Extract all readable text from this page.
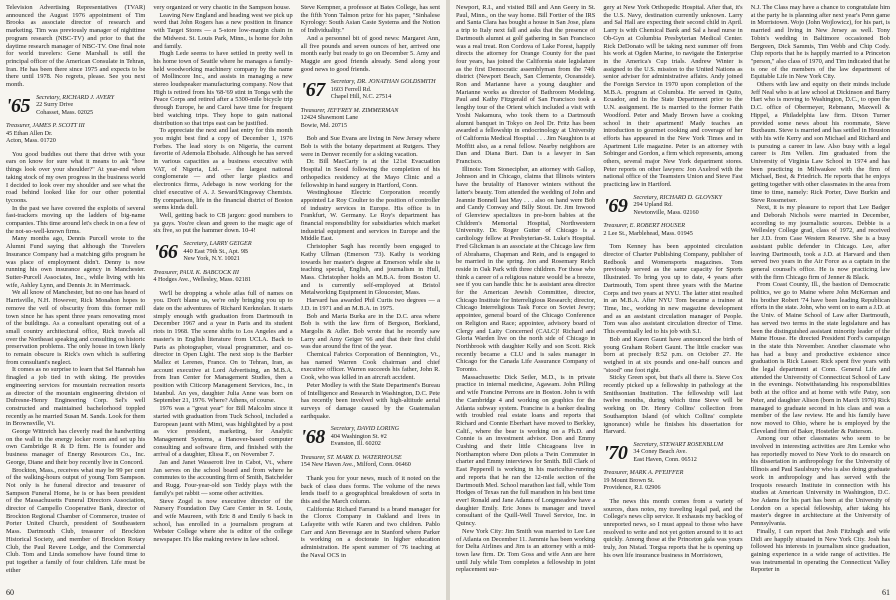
Television Advertising Representatives (TVAR) announced the August 1976 appointment of Tim Brooks as associate director of research and marketing. Tim was previously manager of nighttime program research (NBC-TV) and prior to that the daytime research manager of NBC-TV. One final note for world travelers: Gene Marshall is still the principal officer of the American Consulate in Tehran, Iran. He has been there since 1975 and expects to be there until 1978. No regrets, please. See you next month.

'65 Secretary, RICHARD J. AVERY
22 Surry Drive
Cohasset, Mass. 02025
Treasurer, JAMES P. SCOTT III
45 Ethan Allen Dr.
Acton, Mass. 01720

You good buddies out there that drive with your ears on know for sure what it means to ask "how things look over your shoulder?" At year-end when taking stock of my own progress in the business world I decided to look over my shoulder and see what the road behind looked like for our other potential tycoons.

In the past we have covered the exploits of several fast-trackers moving up the ladders of big-name companies. This time around let's check in on a few of the not-so-well-known firms.

Many months ago, Dennis Purcell wrote to the Alumni Fund saying that although the Travelers Insurance Company had a matching gifts program he was place of employment didn't. Denny is now running his own insurance agency in Manchester. Sutter-Purcell Associates, Inc., while living with his wife, Ashley Lynn, and Dennis Jr. in Merrimack.

We all know of Manchester, but no one has heard of Harrisville, N.H. However, Rick Monahon hopes to remove the veil of obscurity from this former mill town since he has spent three years renovating most of the buildings. As a consultant operating out of a small country architectural office, Rick travels all over the Northeast speaking and consulting on historic preservation problems. The only house in town likely to remain obscure is Rick's own which is suffering from consultant's neglect.

It comes as no surprise to learn that Sel Hannah has finagled a job tied in with skiing. He provides engineering services for mountain recreation resorts as director of the mountain engineering division of Dufresne-Henry Engineering Corp. Sel's well constructed and maintained bachelorhood toppled recently as he married Susan M. Sands. Look for them in Brownsville, Vt.

George Wittreich has cleverly read the handwriting on the wall in the energy locker room and set up his own Cambridge R & D firm. He is founder and business manager of Energy Resources Co., Inc. George, Diane and their boy recently live in Concord.

Brockton, Mass., receives what may be 99 per cent of the walking-hours output of young Tom Sampson. Not only is he funeral director and treasurer of Sampson Funeral Home, he is or has been president of the Massachusetts Funeral Directors Association, director of Campello Cooperative Bank, director of Brockton Regional Chamber of Commerce, trustee of Porter United Church, president of Southeastern Mass. Dartmouth Club, treasurer of Brockton Historical Society, and member of Brockton Rotary Club, the Paul Revere Lodge, and the Commercial Club. Tom and Linda somehow have found time to put together a family of four children. Life must be either

very organized or very chaotic in the Sampson house.

Leaving New England and heading west we pick up word that John Rogers has a new position in finance with Target Stores — a 5-store low-margin chain in the Midwest. St. Louis Park, Minn., is home for John and family.

Hugh Lede seems to have settled in pretty well in his home town of Seattle where he manages a family-held woodworking machinery company by the name of Mollincore Inc., and assists in managing a new stereo loudspeaker manufacturing company. Now that High is retired from his '68-'69 stint in Tonga with the Peace Corps and retired after a 5300-mile bicycle trip through Europe, he and Carol have time for frequent bird watching trips. They hope to gain national distribution so that trips east can be justified.

To appreciate the next and last entry for this month you might best find a copy of December 1, 1976 Forbes. The lead story is on Nigeria, the current favorite of Ademola Ebobade. Although he has served in various capacities as a business executive with VAT, of Nigeria, Ltd. — the largest national conglomerate — and other large plastics and electronics firms, Adebago is now working for the chief executive of A. J. Seward/Kingsway Chemists. By comparison, life in the financial district of Boston seems kinda dull.

Well, getting back to CB jargon: good numbers to ya guys. You're clean and green to the magic age of six five, so put the hammer down. 10-4!

'66 Secretary, LARRY GEIGER
440 East 79th St., Apt. 9B
New York, N.Y. 10021
Treasurer, PAUL K. BABCOCK III
4 Hodges Ave., Wellesley, Mass. 02181

We'll be dropping a whole atlas full of names on you. Don't blame us, we're only bringing you up to date on the adventures of Richard Kerknolan. It starts simply enough with graduation from Dartmouth in December 1967 and a year in Paris and its student riots in 1968. The scene shifts to Los Angeles and a master's in English literature from UCLA. Back to Paris as photographer, visual programmer, and co-director in Open Light. The next stop is the Barbier Mallez et Lerenes, France. On to Tehran, Iran, as account executive at Lord Advertising, an M.B.A. from Iran Center for Management Studies, then a position with Citicorp Management Services, Inc., in Istanbul. An yes, daughter Julia Anne was born on September 21, 1976. Where? Athens, of course.

1976 was a "great year" for Bill Malcolm since it started with graduation from Tuck School, included a European jaunt with Mimi, was highlighted by a post as vice president, marketing, for Analytic Management Systems, a Hanover-based computer consulting and software firm, and finished with the arrival of a daughter, Elissa F., on November 7.

Jan and Janet Wasserott live in Cabot, Vt., where Jan serves on the school board and from where he commutes to the accounting firm of Smith, Batchelder and Rugg. Four-year-old son Teddy plays with the family's pet rabbit — some other activities.

Steve Zogel is now executive director of the Nursery Foundation Day Care Center in St. Louis, and wife Maureen, with Eric 8 and Emily 6 back in school, has enrolled in a journalism program at Webster College where she is editor of the college newspaper. It's like making review in law school.

Steve Kempner, a professor at Bates College, has sent the fifth Yonn Talmon prize for his paper, "Sinhalese Kyrology: South Asian Caste Systems and the Notion of Individuality."

And a personnel bit of good news: Margaret Ann, all five pounds and seven ounces of her, arrived one month early but ready to go on December 5. Amy and Maggie are good friends already. Send along your good news to good friends.

'67 Secretary, DR. JONATHAN GOLDSMITH
1603 Ferrell Rd.
Chapel Hill, N.C. 27514
Treasurer, JEFFREY M. ZIMMERMAN
12424 Shawmont Lane
Bowie, Md. 20715

Bob and Sue Evans are living in New Jersey where Bob is with the botany department at Rutgers. They were in Denver recently for a skiing vacation.

Dr. Bill MacCarty is at the 121st Evacuation Hospital in Seoul following the completion of his orthopedics residency at the Mayo Clinic and a fellowship in hand surgery in Hartford, Conn.

Westinghouse Electric Corporation recently appointed Le Roy Coulter to the position of controller of industry services in Europe. His office is in Frankfurt, W. Germany. Le Roy's department has financial responsibility for subsidiaries which market industrial equipment and services in Europe and the Middle East.

Christopher Sagh has recently been engaged to Kathy Ullman (Emerson '73). Kathy is working towards her master's degree at Emerson while she is teaching special, English, and journalism in Hull, Mass. Christopher holds an M.B.A. from Boston U. and is currently self-employed at Bristol Metalworking Equipment in Gloucester, Mass.

Harvard has awarded Phil Curtis two degrees — a J.D. in 1971 and an M.B.A. in 1975.

Bob and Maria Burka are in the D.C. area where Bob is with the law firm of Bergson, Borkland, Margolis & Adler. Bob wrote that he recently saw Larry and Amy Geiger '66 and that their first child was due around the first of the year.

Chemical Fabrics Corporation of Bennington, Vt., has named Warren Cook chairman and chief executive officer. Warren succeeds his father, John R. Cook, who was killed in an aircraft accident.

Peter Modley is with the State Department's Bureau of Intelligence and Research in Washington, D.C. Pete has recently been involved with high-altitude aerial surveys of damage caused by the Guatemalan earthquake.

'68 Secretary, DAVID LORING
404 Washington St. #2
Evanston, Ill. 60202
Treasurer, ST. MARK D. WATERHOUSE
154 New Haven Ave., Milford, Conn. 06460

Thank you for your news, much of it noted on the back of class dues forms. The volume of the news lends itself to a geographical breakdown of sorts in this and the March column.

California: Richard Farrand is a brand manager for the Clorox Company in Oakland and lives in Lafayette with wife Karen and two children. Pablo Carr and Ann Beverage are in Stanford where Parker is working on a doctorate in higher education administration. He spent summer of '76 teaching at the Naval OCS in

60

Newport, R.I., and visited Bill and Ann Geery in St. Paul, Minn., on the way home. Bill Fortier of the IRS and Santa Clara has bought a house in San Jose, plans a trip to Italy next fall and asks that the presence of Dartmouth alumni at golf gathering in San Francisco was a real treat. Ron Cordova of Lake Forest, happily directs the attorney for Orange County for the past four years, has joined the California state legislature as the first Democratic assemblyman from the 74th district (Newport Beach, San Clemente, Oceanside). Ron and Marianne have a young daughter and Marianne works as director of Bathroom Modeling. Paul and Kathy Fitzgerald of San Francisco took a lengthy tour of the Orient which included a visit with Yoshi Nakamura, who took them to a Dartmouth alumni banquet in Tokyo on Jeol Dr. Fritz has been awarded a fellowship in endocrinology at University of California Medical Hospital . . . Jim Naughton is at Moffitt also, as a renal fellow. Nearby neighbors are Dan and Diana Burt. Dan is a lawyer in San Francisco.

Illinois: Tom Stonecipher, an attorney with Gallop, Johnson and in Chicago, claims that Illinois winters have the brutality of Hanover winters without the latter's beauty. Tom attended the wedding of John and Jeannie Bonnell last May . . . also on hand were Bob and Candy Conway and Billy Stout. Dr. Jim Inwood of Glenview specializes in pre-born babies at the Children's Memorial Hospital, Northwestern University. Dr. Roger Gutter of Chicago is a cardiology fellow at Presbyterian-St. Luke's Hospital. Fred Glickman is an associate at the Chicago law firm of Abrahams, Chapman and Rein, and is engaged to be married in the spring. Jon and Rosemary Reich reside in Oak Park with three children. For those who think a career of a religious nature would be a breeze, see if you can handle this: he is assistant area director for the American Jewish Committee, director, Chicago Institute for Interreligious Research; director, Chicago Interreligious Task Force on Soviet Jewry; appointee, general board of the Chicago Conference on Religion and Race; appointee, advisory board of Clergy and Laity Concerned (CALC)! Richard and Gloria Warden live on the north side of Chicago in Northbrook with daughter Kelly and son Scott. Rick recently became a CLU and is sales manager in Chicago for the Canada Life Assurance Company of Toronto.

Massachusetts: Dick Seiler, M.D., is in private practice in internal medicine, Agawam. John Pilling and wife Francine Perrons are in Boston. John is with the Cambridge 4 and working on graphics for the Atlanta subway system. Francine is a banker dealing with troubled real estate loans and reports that Richard and Connie Eberhart have moved to Berkley, Calif., where the bear is working on a Ph.D. and Connie is an investment advisor. Don and Emmy Cushing and their little Chicagoans live in Northampton where Don pilots a Twin Commuter in charter and Emmy interviews for Smith. Bill Clark of East Pepperell is working in his maricultur-running and reports that he ran the 12-mile section of the Dartmouth Med. School marathon last fall, while Tom Hodges of Texas ran the full marathon in his best time ever! Ronald and Jane Adams of Longmeadow have a daughter Emily. Eric Jones is manager and travel consultant of the Quill-Well Travel Service, Inc. in Quincy.

New York City: Jim Smith was married to Lee Lee of Atlanta on December 11. Jammie has been working for Delta Airlines and Jim is an attorney with a mid-town law firm. Dr. Tom Goss and wife Ann are here until July while Tom completes a fellowship in joint replacement sur-

gery at New York Orthopedic Hospital. After that, it's the U.S. Navy, destination currently unknown. Larry and Sal Hall are expecting their second child in April. Larry is with Chemical Bank and Sal a head nurse in Ob-Gyn at Columbia Presbyterian Medical Center. Rick DeDonato will be taking next summer off from his work at Ogden Marine, to navigate the Enterprise in the America's Cup trials. Andrew Winter is assigned to the U.S. mission to the United Nations as senior adviser for administrative affairs. Andy joined the Foreign Service in 1970 upon completion of the M.B.A. program at Columbia. He served in Quito, Ecuador, and in the State Department prior to the U.N. assignment. He is married to the former Faith Woodford. Peter and Mady Brown have a cooking school in their apartment! Mady teaches an introduction to gourmet cooking and coverage of her efforts has appeared in the New York Times and in Apartment Life magazine. Peter is an attorney with Sobinger and Gordon, a firm which represents, among others, several major New York department stores. Peter reports on other lawyers: Jon Axelrod with the national office of the Teamsters Union and Steve Fast practicing law in Hartford.

'69 Secretary, RICHARD D. GLOVSKY
294 Upland Rd.
Newtonville, Mass. 02160
Treasurer, E. ROBERT HOUSER
2 Lee St., Marblehead, Mass. 01945

Tom Kenney has been appointed circulation director of Charter Publishing Company, publisher of Redbook and Womensports magazines. Tom previously served as the same capacity for Sports Illustrated. To bring you up to date, 4 years after Dartmouth, Tom spent three years with the Marine Corps and two years at NYU. The latter stint resulted in an M.B.A. After NYU Tom became a trainee at Time, Inc., working in new magazine development and as an assistant circulation manager of People. Tom was also assistant circulation director of Time. This eventually led to his job with S.I.

Bob and Karen Gaunt have announced the birth of young Graham Robert Gaunt. The little cracker was born at precisely 8:52 p.m. on October 27. He weighed in at six pounds and one-half ounces and "stood" one foot right.

Sticky Green spot, but that's all there is. Steve Cox recently picked up a fellowship in pathology at the Smithsonian Institution. The fellowship will last twelve months, during which time Steve will be working on Dr. Henry Collins' collection from Southampton Island (of which Collins' complete ignorance) while he finishes his dissertation for Harvard.

'70 Secretary, STEWART ROSENBLUM
34 Coney Beach Ave.
East Haven, Conn. 06512
Treasurer, MARK A. PFEIFFER
19 Mount Brown St.
Providence, R.I. 02906

The news this month comes from a variety of sources, dues notes, my traveling legal pad, and the College's news clip service. It exhausts my backlog of unreported news, so I must appeal to those who have resolved to write and not yet gotten around to it to act quickly. Among those at the Princeton gala was yours truly, Jon Nistad. Torgsa reports that he is opening up his own life insurance business in Morristown,

N.J. The Class may have a chance to congratulate him at the party he is planning after next year's Penn game in Morristown. Wojo (John Wojlowicz), for his part, is married and living in New Jersey as well. Tony Tobin's wedding in Baltimore occasioned Bob Bergreen, Dick Sammis, Tim Webb and Chip Cody. Chip reports that he is happily married to a Princeton "person," also class of 1970, and Tim indicated that he is one of the members of the law department of Equitable Life in New York City.

Others with law and equity on their minds include Jeff Neal who is at law school at Dickinson and Barry Hart who is moving to Washington, D.C., to open the D.C. office of Obermeyer, Rebmann, Maxwell & Hippel, a Philadelphia law firm. Dixon Turner provided some news about his roommate, Steve Buxbaum. Steve is married and has settled in Houston with his wife Kerry and son Michael and Richard and is pursuing a career in law. Also busy with a legal career is Jim Vellen. Jim graduated from the University of Virginia Law School in 1974 and has been practicing in Milwaukee with the firm of Michael, Best, & Friedrich. He reports that he enjoys getting together with other classmates in the area from time to time, namely: Rick Porter, Dave Burkin and Steve Rossmeiser.

Next, it is my pleasure to report that Lee Badger and Deborah Nichols were married in December, according to my journalistic sources. Debbie is a Wellesley College grad, class of 1972, and received her J.D. from Case Western Reserve. She is a busy assistant public defender in Chicago. Lee, after leaving Dartmouth, took a J.D. at Harvard and then served two years in the Air Force as a captain in the general counsel's office. He is now practicing law with the firm Chicago firm of Jenner & Black.

From Coast County, Ill., the bastion of Democratic politics, we go to Maine where John McKernan and his brother Robert '74 have been leading Republican efforts in the state. John, who went on to earn a J.D. at the Univ. of Maine School of Law after Dartmouth, has served two terms in the state legislature and has been the distinguished assistant minority leader of the Maine House. He directed President Ford's campaign in the state this November. Another classmate who has had a busy and productive existence since graduation is Rick Lasser. Rick spent five years with the legal department at Conn. General Life and attended the University of Connecticut School of Law in the evenings. Notwithstanding his responsibilities both at the office and at home with wife Patsy, son Peter, and daughter Alison (born in March 1976) Rick managed to graduate second in his class and was a member of the law review. He and his family have now moved to Ohio, where he is employed by the Cleveland firm of Baker, Hostetler & Patterson.

Among our other classmates who seem to be involved in interesting activities are Jim Lemke who has reportedly moved to New York to do research on his dissertation in anthropology for the University of Illinois and Paul Saulsbury who is also doing graduate work in anthropology and has served with the Iroquois research Institute in connection with his studies at American University in Washington, D.C. Joe Adams for his part has been at the University of London on a special fellowship, after taking his master's degree in architecture at the University of Pennsylvania.

Finally, I can report that Josh Fitzhugh and wife Didi are happily situated in New York City. Josh has followed his interests in journalism since graduation, gaining experience in a wide range of activities. He was instrumental in operating the Connecticut Valley Reporter in

61
